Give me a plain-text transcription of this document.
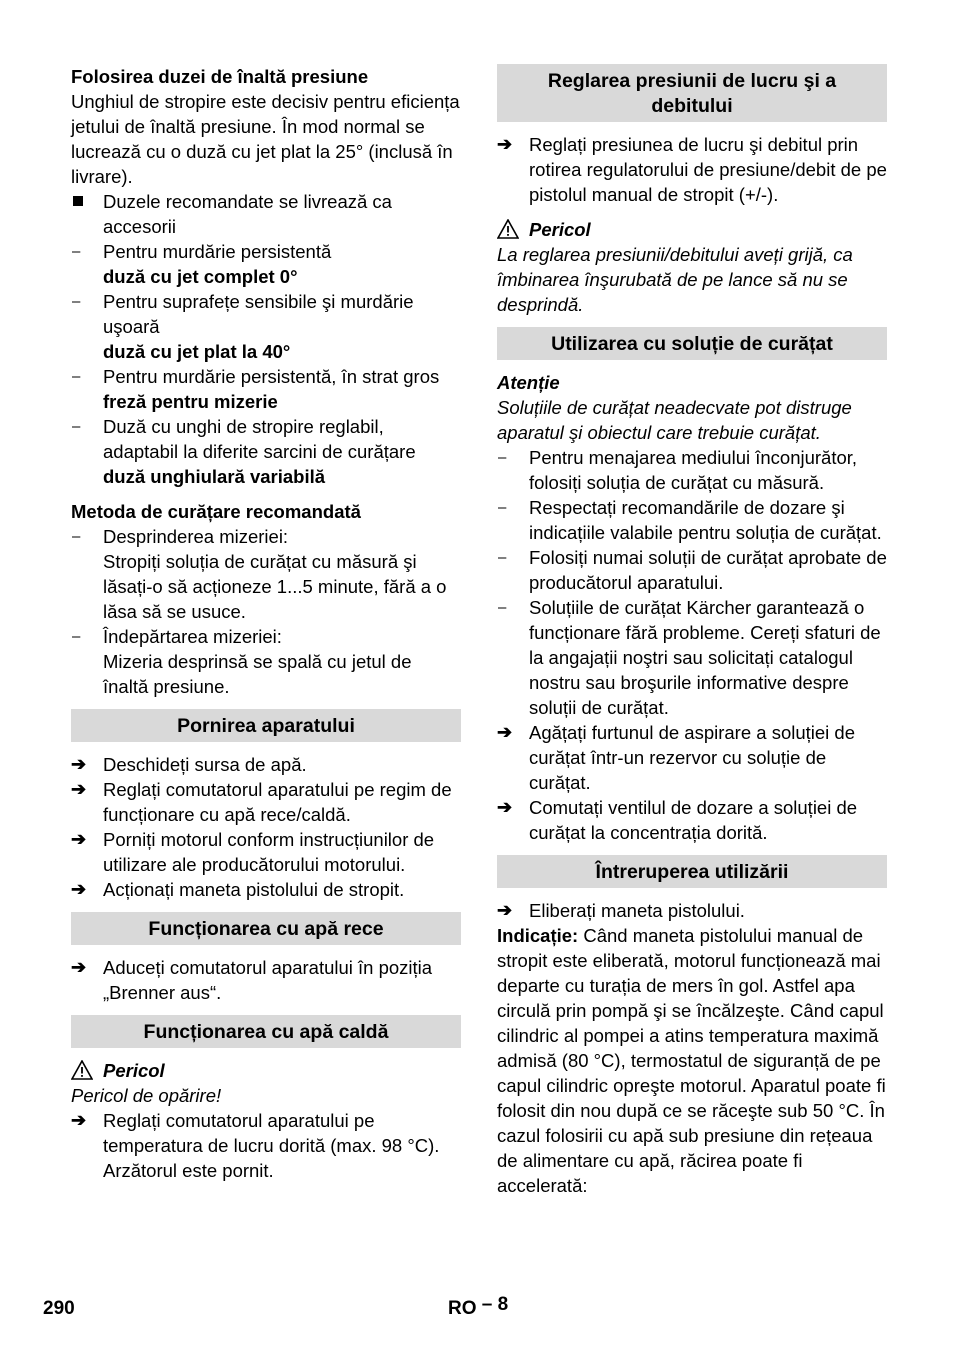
Folosirea duzei de înaltă presiune

Unghiul de stropire este decisiv pentru eficiența jetului de înaltă presiune. În mod normal se lucrează cu o duză cu jet plat la 25° (inclusă în livrare).

Duzele recomandate se livrează ca accesorii
–	Pentru murdărie persistentă

duză cu jet complet 0°

–	Pentru suprafețe sensibile şi murdărie uşoară

duză cu jet plat la 40°

–	Pentru murdărie persistentă, în strat gros

freză pentru mizerie

–	Duză cu unghi de stropire reglabil, adaptabil la diferite sarcini de curățare

duză unghiulară variabilă

Metoda de curățare recomandată

–	Desprinderea mizeriei:

Stropiți soluția de curățat cu măsură şi lăsați-o să acționeze 1...5 minute, fără a o lăsa să se usuce.

–	Îndepărtarea mizeriei:

Mizeria desprinsă se spală cu jetul de înaltă presiune.

Pornirea aparatului
➔ Deschideți sursa de apă.
➔ Reglați comutatorul aparatului pe regim de funcționare cu apă rece/caldă.
➔ Porniți motorul conform instrucțiunilor de utilizare ale producătorului motorului.
➔ Acționați maneta pistolului de stropit.
Funcționarea cu apă rece
➔ Aduceți comutatorul aparatului în poziția „Brenner aus“.
Funcționarea cu apă caldă
Pericol

Pericol de opărire!

➔ Reglați comutatorul aparatului pe temperatura de lucru dorită (max. 98 °C). Arzătorul este pornit.
Reglarea presiunii de lucru şi a debitului
➔ Reglați presiunea de lucru şi debitul prin rotirea regulatorului de presiune/debit de pe pistolul manual de stropit (+/-).
Pericol

La reglarea presiunii/debitului aveți grijă, ca îmbinarea înşurubată de pe lance să nu se desprindă.

Utilizarea cu soluție de curățat

Atenție

Soluțiile de curățat neadecvate pot distruge aparatul şi obiectul care trebuie curățat.

–	Pentru menajarea mediului înconjurător, folosiți soluția de curățat cu măsură.
–	Respectați recomandările de dozare şi indicațiile valabile pentru soluția de curățat.
–	Folosiți numai soluții de curățat aprobate de producătorul aparatului.
–	Soluțiile de curățat Kärcher garantează o funcționare fără probleme. Cereți sfaturi de la angajații noştri sau solicitați catalogul nostru sau broşurile informative despre soluții de curățat.
➔ Agățați furtunul de aspirare a soluției de curățat într-un rezervor cu soluție de curățat.
➔ Comutați ventilul de dozare a soluției de curățat la concentrația dorită.
Întreruperea utilizării
➔ Eliberați maneta pistolului.

Indicație: Când maneta pistolului manual de stropit este eliberată, motorul funcționează mai departe cu turația de mers în gol. Astfel apa circulă prin pompă şi se încălzeşte. Când capul cilindric al pompei a atins temperatura maximă admisă (80 °C), termostatul de siguranță de pe capul cilindric opreşte motorul. Aparatul poate fi folosit din nou după ce se răceşte sub 50 °C. În cazul folosirii cu apă sub presiune din rețeaua de alimentare cu apă, răcirea poate fi accelerată:

290	RO – 8
